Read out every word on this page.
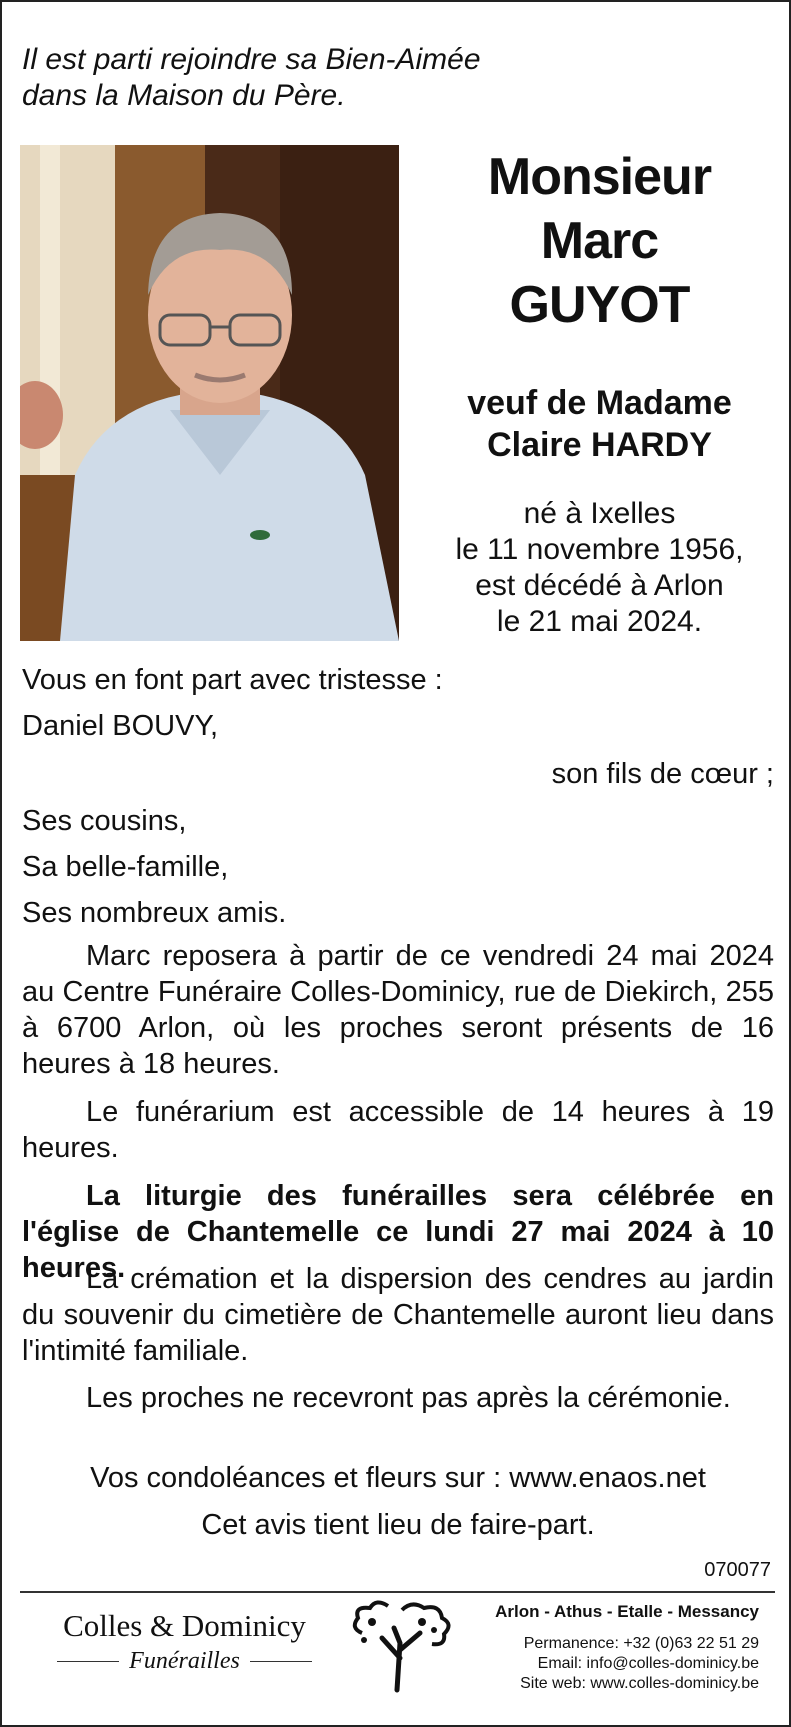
Il est parti rejoindre sa Bien-Aimée
dans la Maison du Père.
Monsieur
Marc
GUYOT
veuf de Madame
Claire HARDY
né à Ixelles
le 11 novembre 1956,
est décédé à Arlon
le 21 mai 2024.
Vous en font part avec tristesse :
Daniel BOUVY,
son fils de cœur ;
Ses cousins,
Sa belle-famille,
Ses nombreux amis.
Marc reposera à partir de ce vendredi 24 mai 2024 au Centre Funéraire Colles-Dominicy, rue de Diekirch, 255 à 6700 Arlon, où les proches seront présents de 16 heures à 18 heures.
Le funérarium est accessible de 14 heures à 19 heures.
La liturgie des funérailles sera célébrée en l'église de Chantemelle ce lundi 27 mai 2024 à 10 heures.
La crémation et la dispersion des cendres au jardin du souvenir du cimetière de Chantemelle auront lieu dans l'intimité familiale.
Les proches ne recevront pas après la cérémonie.
Vos condoléances et fleurs sur : www.enaos.net
Cet avis tient lieu de faire-part.
070077
Colles & Dominicy
Funérailles
Arlon - Athus - Etalle - Messancy
Permanence: +32 (0)63 22 51 29
Email: info@colles-dominicy.be
Site web: www.colles-dominicy.be
